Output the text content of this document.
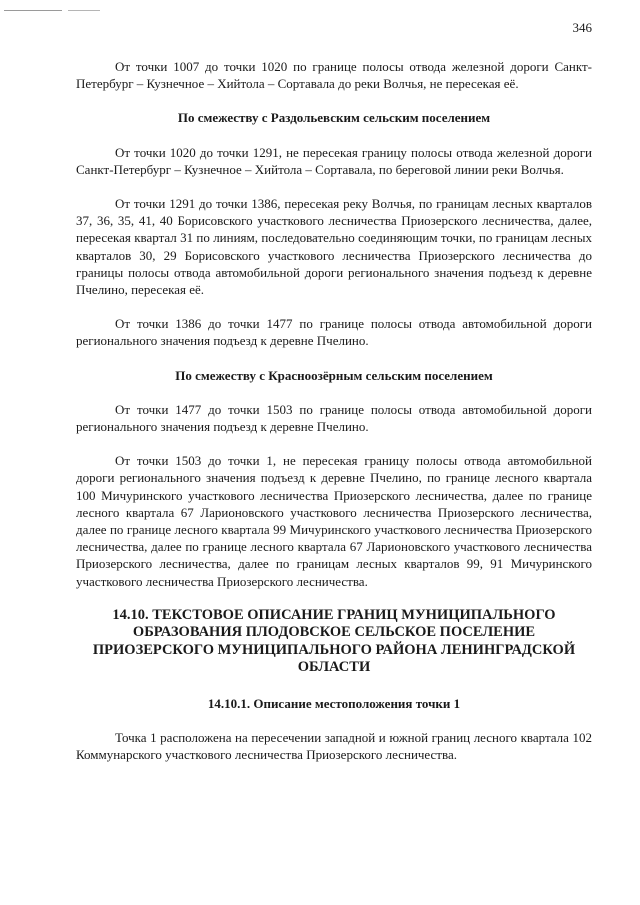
346

От точки 1007 до точки 1020 по границе полосы отвода железной дороги Санкт-Петербург – Кузнечное – Хийтола – Сортавала до реки Волчья, не пересекая её.

По смежеству с Раздольевским сельским поселением

От точки 1020 до точки 1291, не пересекая границу полосы отвода железной дороги Санкт-Петербург – Кузнечное – Хийтола – Сортавала, по береговой линии реки Волчья.

От точки 1291 до точки 1386, пересекая реку Волчья, по границам лесных кварталов 37, 36, 35, 41, 40 Борисовского участкового лесничества Приозерского лесничества, далее, пересекая квартал 31 по линиям, последовательно соединяющим точки, по границам лесных кварталов 30, 29 Борисовского участкового лесничества Приозерского лесничества до границы полосы отвода автомобильной дороги регионального значения подъезд к деревне Пчелино, пересекая её.

От точки 1386 до точки 1477 по границе полосы отвода автомобильной дороги регионального значения подъезд к деревне Пчелино.

По смежеству с Красноозёрным сельским поселением

От точки 1477 до точки 1503 по границе полосы отвода автомобильной дороги регионального значения подъезд к деревне Пчелино.

От точки 1503 до точки 1, не пересекая границу полосы отвода автомобильной дороги регионального значения подъезд к деревне Пчелино, по границе лесного квартала 100 Мичуринского участкового лесничества Приозерского лесничества, далее по границе лесного квартала 67 Ларионовского участкового лесничества Приозерского лесничества, далее по границе лесного квартала 99 Мичуринского участкового лесничества Приозерского лесничества, далее по границе лесного квартала 67 Ларионовского участкового лесничества Приозерского лесничества, далее по границам лесных кварталов 99, 91 Мичуринского участкового лесничества Приозерского лесничества.

14.10. ТЕКСТОВОЕ ОПИСАНИЕ ГРАНИЦ МУНИЦИПАЛЬНОГО ОБРАЗОВАНИЯ ПЛОДОВСКОЕ СЕЛЬСКОЕ ПОСЕЛЕНИЕ ПРИОЗЕРСКОГО МУНИЦИПАЛЬНОГО РАЙОНА ЛЕНИНГРАДСКОЙ ОБЛАСТИ

14.10.1. Описание местоположения точки 1

Точка 1 расположена на пересечении западной и южной границ лесного квартала 102 Коммунарского участкового лесничества Приозерского лесничества.
